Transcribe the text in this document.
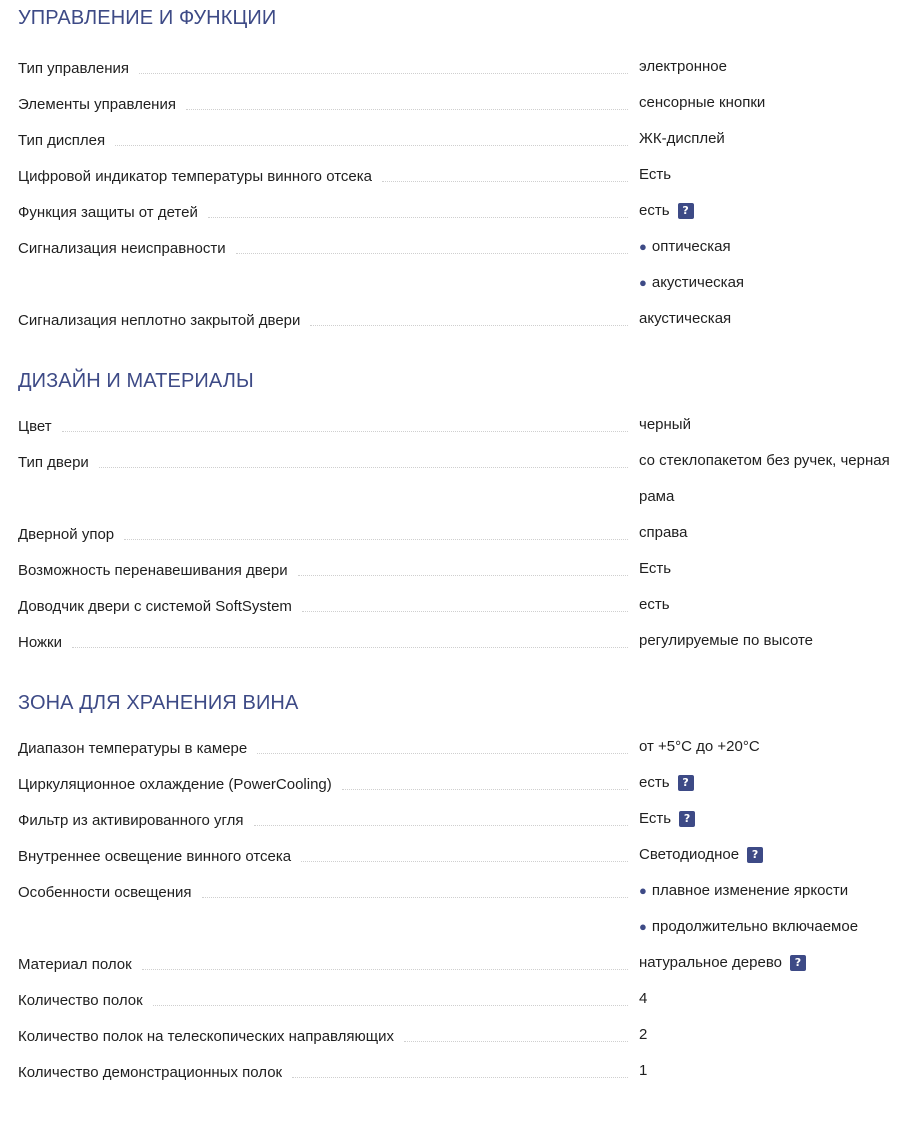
УПРАВЛЕНИЕ И ФУНКЦИИ
Тип управления	электронное
Элементы управления	сенсорные кнопки
Тип дисплея	ЖК-дисплей
Цифровой индикатор температуры винного отсека	Есть
Функция защиты от детей	есть	?
Сигнализация неисправности	● оптическая
● акустическая
Сигнализация неплотно закрытой двери	акустическая
ДИЗАЙН И МАТЕРИАЛЫ
Цвет	черный
Тип двери	со стеклопакетом без ручек, черная
рама
Дверной упор	справа
Возможность перенавешивания двери	Есть
Доводчик двери с системой SoftSystem	есть
Ножки	регулируемые по высоте
ЗОНА ДЛЯ ХРАНЕНИЯ ВИНА
Диапазон температуры в камере	от +5°C до +20°C
Циркуляционное охлаждение (PowerCooling)	есть	?
Фильтр из активированного угля	Есть	?
Внутреннее освещение винного отсека	Светодиодное	?
Особенности освещения	● плавное изменение яркости
● продолжительно включаемое
Материал полок	натуральное дерево	?
Количество полок	4
Количество полок на телескопических направляющих	2
Количество демонстрационных полок	1
